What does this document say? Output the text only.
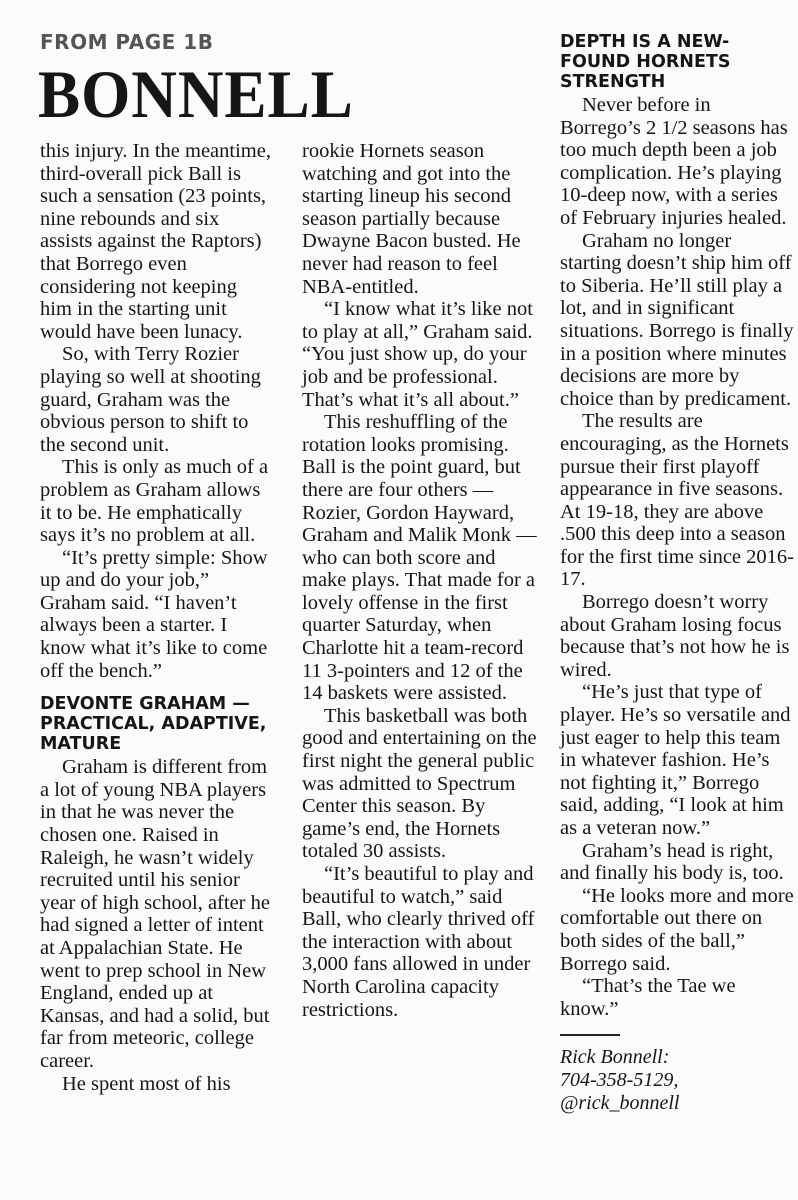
FROM PAGE 1B
BONNELL

this injury. In the meantime, third-overall pick Ball is such a sensation (23 points, nine rebounds and six assists against the Raptors) that Borrego even considering not keeping him in the starting unit would have been lunacy.

So, with Terry Rozier playing so well at shooting guard, Graham was the obvious person to shift to the second unit.

This is only as much of a problem as Graham allows it to be. He emphatically says it’s no problem at all.

“It’s pretty simple: Show up and do your job,” Graham said. “I haven’t always been a starter. I know what it’s like to come off the bench.”

DEVONTE GRAHAM — PRACTICAL, ADAPTIVE, MATURE

Graham is different from a lot of young NBA players in that he was never the chosen one. Raised in Raleigh, he wasn’t widely recruited until his senior year of high school, after he had signed a letter of intent at Appalachian State. He went to prep school in New England, ended up at Kansas, and had a solid, but far from meteoric, college career.

He spent most of his

rookie Hornets season watching and got into the starting lineup his second season partially because Dwayne Bacon busted. He never had reason to feel NBA-entitled.

“I know what it’s like not to play at all,” Graham said. “You just show up, do your job and be professional. That’s what it’s all about.”

This reshuffling of the rotation looks promising. Ball is the point guard, but there are four others — Rozier, Gordon Hayward, Graham and Malik Monk — who can both score and make plays. That made for a lovely offense in the first quarter Saturday, when Charlotte hit a team-record 11 3-pointers and 12 of the 14 baskets were assisted.

This basketball was both good and entertaining on the first night the general public was admitted to Spectrum Center this season. By game’s end, the Hornets totaled 30 assists.

“It’s beautiful to play and beautiful to watch,” said Ball, who clearly thrived off the interaction with about 3,000 fans allowed in under North Carolina capacity restrictions.

DEPTH IS A NEW-FOUND HORNETS STRENGTH

Never before in Borrego’s 2 1/2 seasons has too much depth been a job complication. He’s playing 10-deep now, with a series of February injuries healed.

Graham no longer starting doesn’t ship him off to Siberia. He’ll still play a lot, and in significant situations. Borrego is finally in a position where minutes decisions are more by choice than by predicament.

The results are encouraging, as the Hornets pursue their first playoff appearance in five seasons. At 19-18, they are above .500 this deep into a season for the first time since 2016-17.

Borrego doesn’t worry about Graham losing focus because that’s not how he is wired.

“He’s just that type of player. He’s so versatile and just eager to help this team in whatever fashion. He’s not fighting it,” Borrego said, adding, “I look at him as a veteran now.”

Graham’s head is right, and finally his body is, too.

“He looks more and more comfortable out there on both sides of the ball,” Borrego said.

“That’s the Tae we know.”

Rick Bonnell:
704-358-5129,
@rick_bonnell
